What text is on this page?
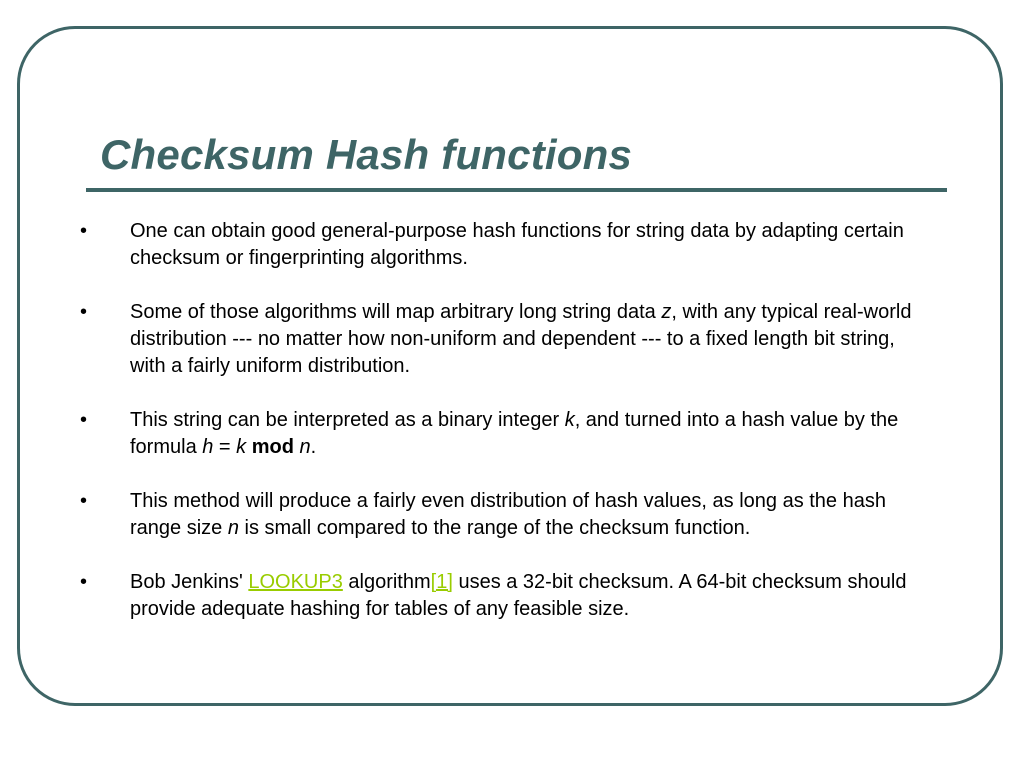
Checksum Hash functions
• One can obtain good general-purpose hash functions for string data by adapting certain checksum or fingerprinting algorithms.
• Some of those algorithms will map arbitrary long string data z, with any typical real-world distribution --- no matter how non-uniform and dependent --- to a fixed length bit string, with a fairly uniform distribution.
• This string can be interpreted as a binary integer k, and turned into a hash value by the formula h = k mod n.
• This method will produce a fairly even distribution of hash values, as long as the hash range size n is small compared to the range of the checksum function.
• Bob Jenkins' LOOKUP3 algorithm[1] uses a 32-bit checksum. A 64-bit checksum should provide adequate hashing for tables of any feasible size.
